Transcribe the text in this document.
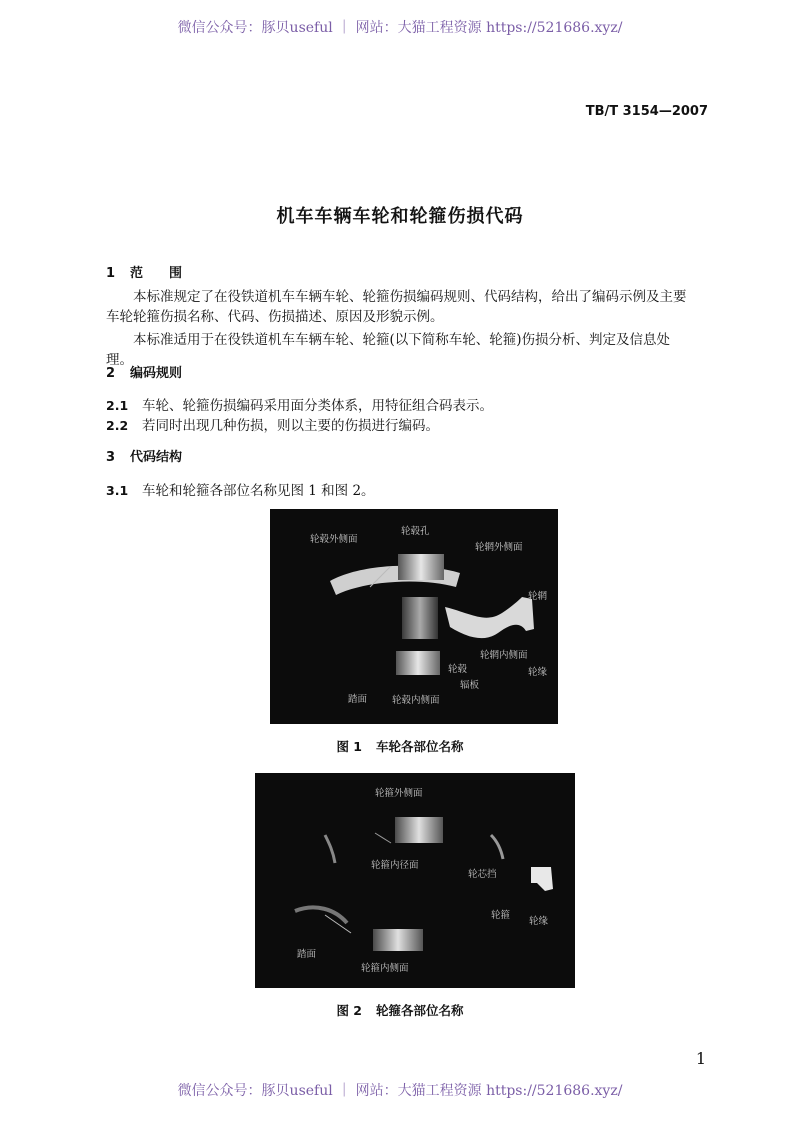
微信公众号：豚贝useful ｜ 网站：大猫工程资源 https://521686.xyz/
TB/T 3154—2007
机车车辆车轮和轮箍伤损代码
1 范　　围
本标准规定了在役铁道机车车辆车轮、轮箍伤损编码规则、代码结构，给出了编码示例及主要车轮轮箍伤损名称、代码、伤损描述、原因及形貌示例。
本标准适用于在役铁道机车车辆车轮、轮箍(以下简称车轮、轮箍)伤损分析、判定及信息处理。
2 编码规则
2.1 车轮、轮箍伤损编码采用面分类体系，用特征组合码表示。
2.2 若同时出现几种伤损，则以主要的伤损进行编码。
3 代码结构
3.1 车轮和轮箍各部位名称见图 1 和图 2。
轮毂外侧面
轮毂孔
轮辋外侧面
轮辋
轮辋内侧面
轮缘
轮毂
辐板
踏面	轮毂内侧面
图 1 车轮各部位名称
轮箍外侧面
轮箍内径面
轮芯挡
轮箍
轮缘
踏面
轮箍内侧面
图 2 轮箍各部位名称
1
微信公众号：豚贝useful ｜ 网站：大猫工程资源 https://521686.xyz/
